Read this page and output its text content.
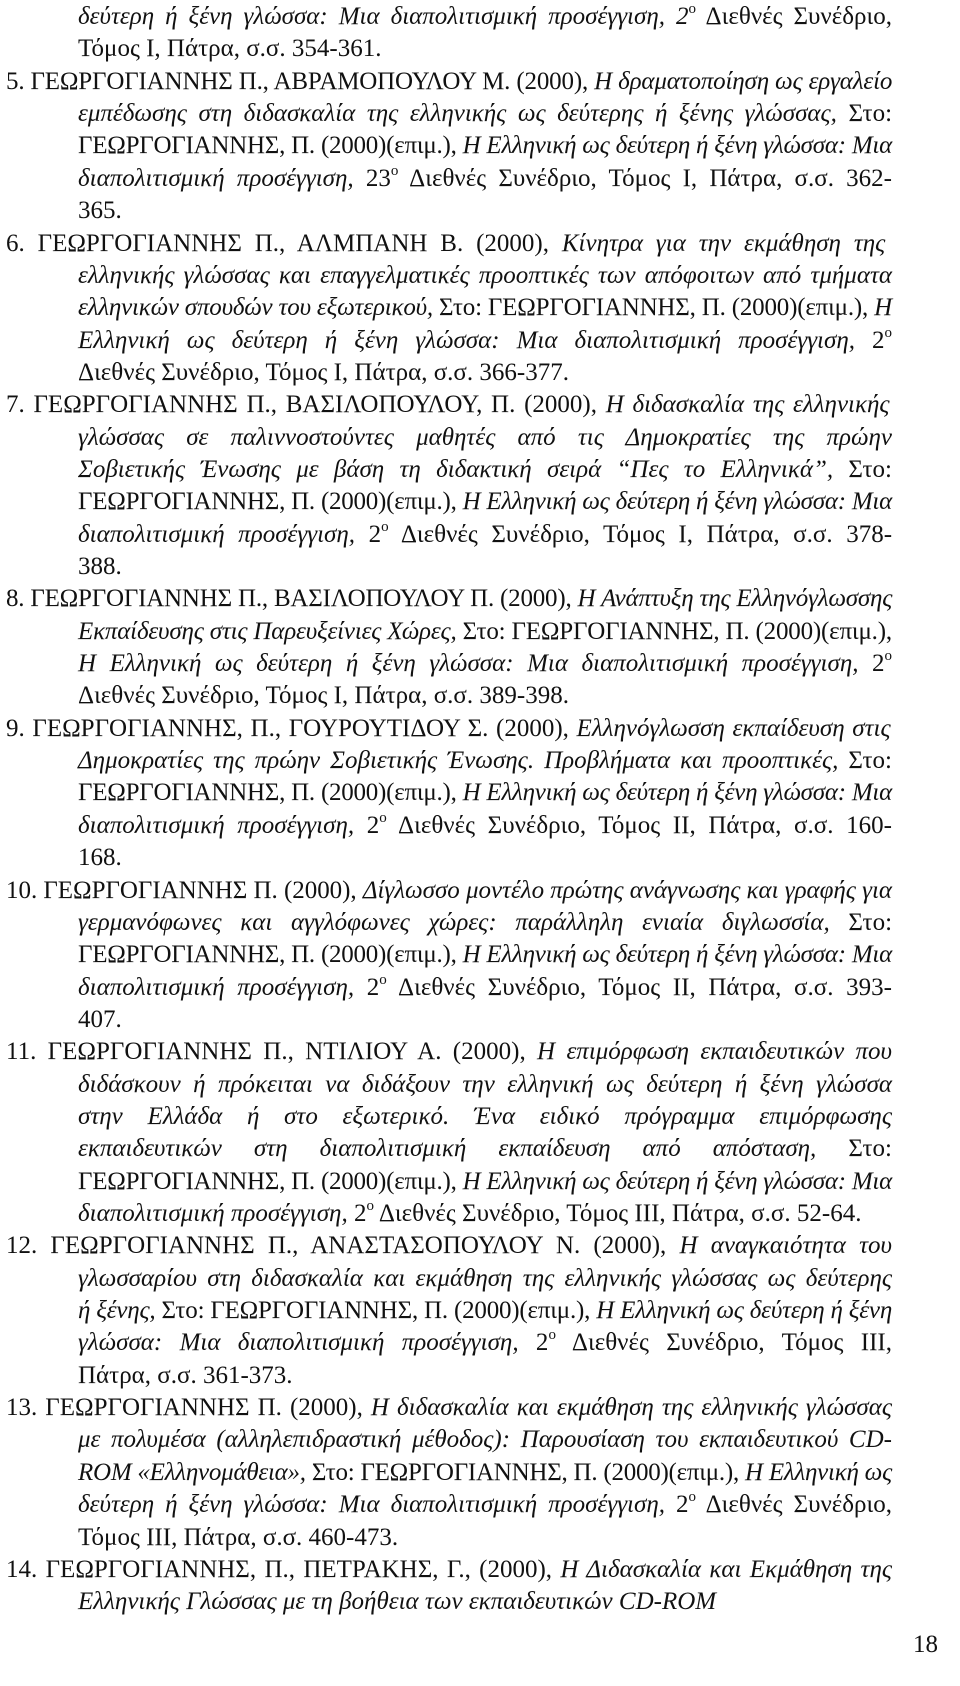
δεύτερη ή ξένη γλώσσα: Μια διαπολιτισμική προσέγγιση, $2^o$ Διεθνές Συνέδριο,
Τόμος Ι, Πάτρα, σ.σ. 354-361.
5. ΓΕΩΡΓΟΓΙΑΝΝΗΣ Π., ΑΒΡΑΜΟΠΟΥΛΟΥ Μ. (2000), Η δραματοποίηση ως εργαλείο
εμπέδωσης στη διδασκαλία της ελληνικής ως δεύτερης ή ξένης γλώσσας, Στο:
ΓΕΩΡΓΟΓΙΑΝΝΗΣ, Π. (2000)(επιμ.), Η Ελληνική ως δεύτερη ή ξένη γλώσσα: Μια
διαπολιτισμική προσέγγιση, $23^o$ Διεθνές Συνέδριο, Τόμος Ι, Πάτρα, σ.σ. 362-
365.
6. ΓΕΩΡΓΟΓΙΑΝΝΗΣ Π., ΑΛΜΠΑΝΗ Β. (2000), Κίνητρα για την εκμάθηση της
ελληνικής γλώσσας και επαγγελματικές προοπτικές των απόφοιτων από τμήματα
ελληνικών σπουδών του εξωτερικού, Στο: ΓΕΩΡΓΟΓΙΑΝΝΗΣ, Π. (2000)(επιμ.), Η
Ελληνική ως δεύτερη ή ξένη γλώσσα: Μια διαπολιτισμική προσέγγιση, $2^o$
Διεθνές Συνέδριο, Τόμος Ι, Πάτρα, σ.σ. 366-377.
7. ΓΕΩΡΓΟΓΙΑΝΝΗΣ Π., ΒΑΣΙΛΟΠΟΥΛΟΥ, Π. (2000), Η διδασκαλία της ελληνικής
γλώσσας σε παλιννοστούντες μαθητές από τις Δημοκρατίες της πρώην
Σοβιετικής Ένωσης με βάση τη διδακτική σειρά “Πες το Ελληνικά”, Στο:
ΓΕΩΡΓΟΓΙΑΝΝΗΣ, Π. (2000)(επιμ.), Η Ελληνική ως δεύτερη ή ξένη γλώσσα: Μια
διαπολιτισμική προσέγγιση, $2^o$ Διεθνές Συνέδριο, Τόμος Ι, Πάτρα, σ.σ. 378-
388.
8. ΓΕΩΡΓΟΓΙΑΝΝΗΣ Π., ΒΑΣΙΛΟΠΟΥΛΟΥ Π. (2000), Η Ανάπτυξη της Ελληνόγλωσσης
Εκπαίδευσης στις Παρευξείνιες Χώρες, Στο: ΓΕΩΡΓΟΓΙΑΝΝΗΣ, Π. (2000)(επιμ.),
Η Ελληνική ως δεύτερη ή ξένη γλώσσα: Μια διαπολιτισμική προσέγγιση, $2^o$
Διεθνές Συνέδριο, Τόμος Ι, Πάτρα, σ.σ. 389-398.
9. ΓΕΩΡΓΟΓΙΑΝΝΗΣ, Π., ΓΟΥΡΟΥΤΙΔΟΥ Σ. (2000), Ελληνόγλωσση εκπαίδευση στις
Δημοκρατίες της πρώην Σοβιετικής Ένωσης. Προβλήματα και προοπτικές, Στο:
ΓΕΩΡΓΟΓΙΑΝΝΗΣ, Π. (2000)(επιμ.), Η Ελληνική ως δεύτερη ή ξένη γλώσσα: Μια
διαπολιτισμική προσέγγιση, $2^o$ Διεθνές Συνέδριο, Τόμος ΙΙ, Πάτρα, σ.σ. 160-
168.
10. ΓΕΩΡΓΟΓΙΑΝΝΗΣ Π. (2000), Δίγλωσσο μοντέλο πρώτης ανάγνωσης και γραφής για
γερμανόφωνες και αγγλόφωνες χώρες: παράλληλη ενιαία διγλωσσία, Στο:
ΓΕΩΡΓΟΓΙΑΝΝΗΣ, Π. (2000)(επιμ.), Η Ελληνική ως δεύτερη ή ξένη γλώσσα: Μια
διαπολιτισμική προσέγγιση, $2^o$ Διεθνές Συνέδριο, Τόμος ΙΙ, Πάτρα, σ.σ. 393-
407.
11. ΓΕΩΡΓΟΓΙΑΝΝΗΣ Π., ΝΤΙΛΙΟΥ Α. (2000), Η επιμόρφωση εκπαιδευτικών που
διδάσκουν ή πρόκειται να διδάξουν την ελληνική ως δεύτερη ή ξένη γλώσσα
στην Ελλάδα ή στο εξωτερικό. Ένα ειδικό πρόγραμμα επιμόρφωσης
εκπαιδευτικών στη διαπολιτισμική εκπαίδευση από απόσταση, Στο:
ΓΕΩΡΓΟΓΙΑΝΝΗΣ, Π. (2000)(επιμ.), Η Ελληνική ως δεύτερη ή ξένη γλώσσα: Μια
διαπολιτισμική προσέγγιση, $2^o$ Διεθνές Συνέδριο, Τόμος ΙΙΙ, Πάτρα, σ.σ. 52-64.
12. ΓΕΩΡΓΟΓΙΑΝΝΗΣ Π., ΑΝΑΣΤΑΣΟΠΟΥΛΟΥ Ν. (2000), Η αναγκαιότητα του
γλωσσαρίου στη διδασκαλία και εκμάθηση της ελληνικής γλώσσας ως δεύτερης
ή ξένης, Στο: ΓΕΩΡΓΟΓΙΑΝΝΗΣ, Π. (2000)(επιμ.), Η Ελληνική ως δεύτερη ή ξένη
γλώσσα: Μια διαπολιτισμική προσέγγιση, $2^o$ Διεθνές Συνέδριο, Τόμος ΙΙΙ,
Πάτρα, σ.σ. 361-373.
13. ΓΕΩΡΓΟΓΙΑΝΝΗΣ Π. (2000), Η διδασκαλία και εκμάθηση της ελληνικής γλώσσας
με πολυμέσα (αλληλεπιδραστική μέθοδος): Παρουσίαση του εκπαιδευτικού CD-
ROM «Ελληνομάθεια», Στο: ΓΕΩΡΓΟΓΙΑΝΝΗΣ, Π. (2000)(επιμ.), Η Ελληνική ως
δεύτερη ή ξένη γλώσσα: Μια διαπολιτισμική προσέγγιση, $2^o$ Διεθνές Συνέδριο,
Τόμος ΙΙΙ, Πάτρα, σ.σ. 460-473.
14. ΓΕΩΡΓΟΓΙΑΝΝΗΣ, Π., ΠΕΤΡΑΚΗΣ, Γ., (2000), Η Διδασκαλία και Εκμάθηση της
Ελληνικής Γλώσσας με τη βοήθεια των εκπαιδευτικών CD-ROM
18
